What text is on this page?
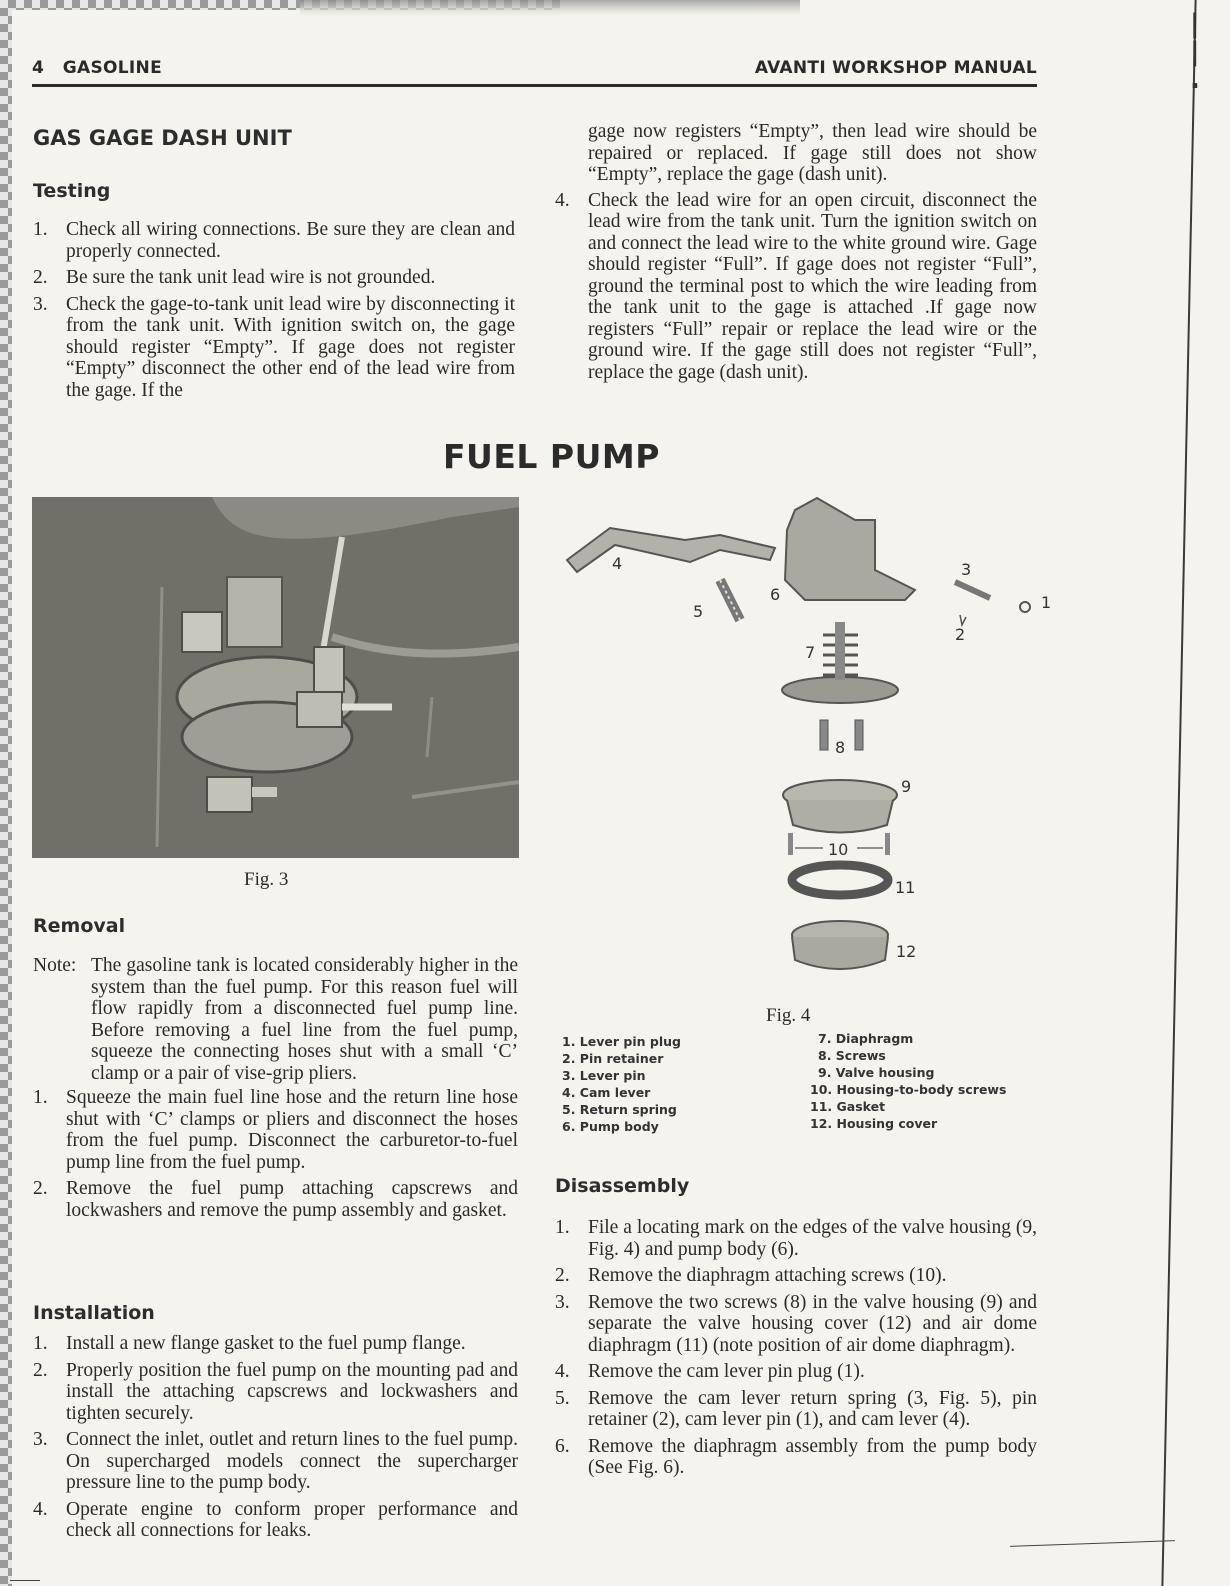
|
|
.
4 GASOLINE	AVANTI WORKSHOP MANUAL
GAS GAGE DASH UNIT
Testing
1. Check all wiring connections. Be sure they are clean and properly connected.
2. Be sure the tank unit lead wire is not grounded.
3. Check the gage-to-tank unit lead wire by disconnecting it from the tank unit. With ignition switch on, the gage should register “Empty”. If gage does not register “Empty” disconnect the other end of the lead wire from the gage. If the
gage now registers “Empty”, then lead wire should be repaired or replaced. If gage still does not show “Empty”, replace the gage (dash unit).
4. Check the lead wire for an open circuit, disconnect the lead wire from the tank unit. Turn the ignition switch on and connect the lead wire to the white ground wire. Gage should register “Full”. If gage does not register “Full”, ground the terminal post to which the wire leading from the tank unit to the gage is attached .If gage now registers “Full” repair or replace the lead wire or the ground wire. If the gage still does not register “Full”, replace the gage (dash unit).
FUEL PUMP
Fig. 3
1
2
3
4
5
6
7
8
9
10
11
12
Fig. 4
1. Lever pin plug
2. Pin retainer
3. Lever pin
4. Cam lever
5. Return spring
6. Pump body
7. Diaphragm
8. Screws
9. Valve housing
10. Housing-to-body screws
11. Gasket
12. Housing cover
Removal
Note: The gasoline tank is located considerably higher in the system than the fuel pump. For this reason fuel will flow rapidly from a disconnected fuel pump line. Before removing a fuel line from the fuel pump, squeeze the connecting hoses shut with a small ‘C’ clamp or a pair of vise-grip pliers.
1. Squeeze the main fuel line hose and the return line hose shut with ‘C’ clamps or pliers and disconnect the hoses from the fuel pump. Disconnect the carburetor-to-fuel pump line from the fuel pump.
2. Remove the fuel pump attaching capscrews and lockwashers and remove the pump assembly and gasket.
Installation
1. Install a new flange gasket to the fuel pump flange.
2. Properly position the fuel pump on the mounting pad and install the attaching capscrews and lockwashers and tighten securely.
3. Connect the inlet, outlet and return lines to the fuel pump. On supercharged models connect the supercharger pressure line to the pump body.
4. Operate engine to conform proper performance and check all connections for leaks.
Disassembly
1. File a locating mark on the edges of the valve housing (9, Fig. 4) and pump body (6).
2. Remove the diaphragm attaching screws (10).
3. Remove the two screws (8) in the valve housing (9) and separate the valve housing cover (12) and air dome diaphragm (11) (note position of air dome diaphragm).
4. Remove the cam lever pin plug (1).
5. Remove the cam lever return spring (3, Fig. 5), pin retainer (2), cam lever pin (1), and cam lever (4).
6. Remove the diaphragm assembly from the pump body (See Fig. 6).
